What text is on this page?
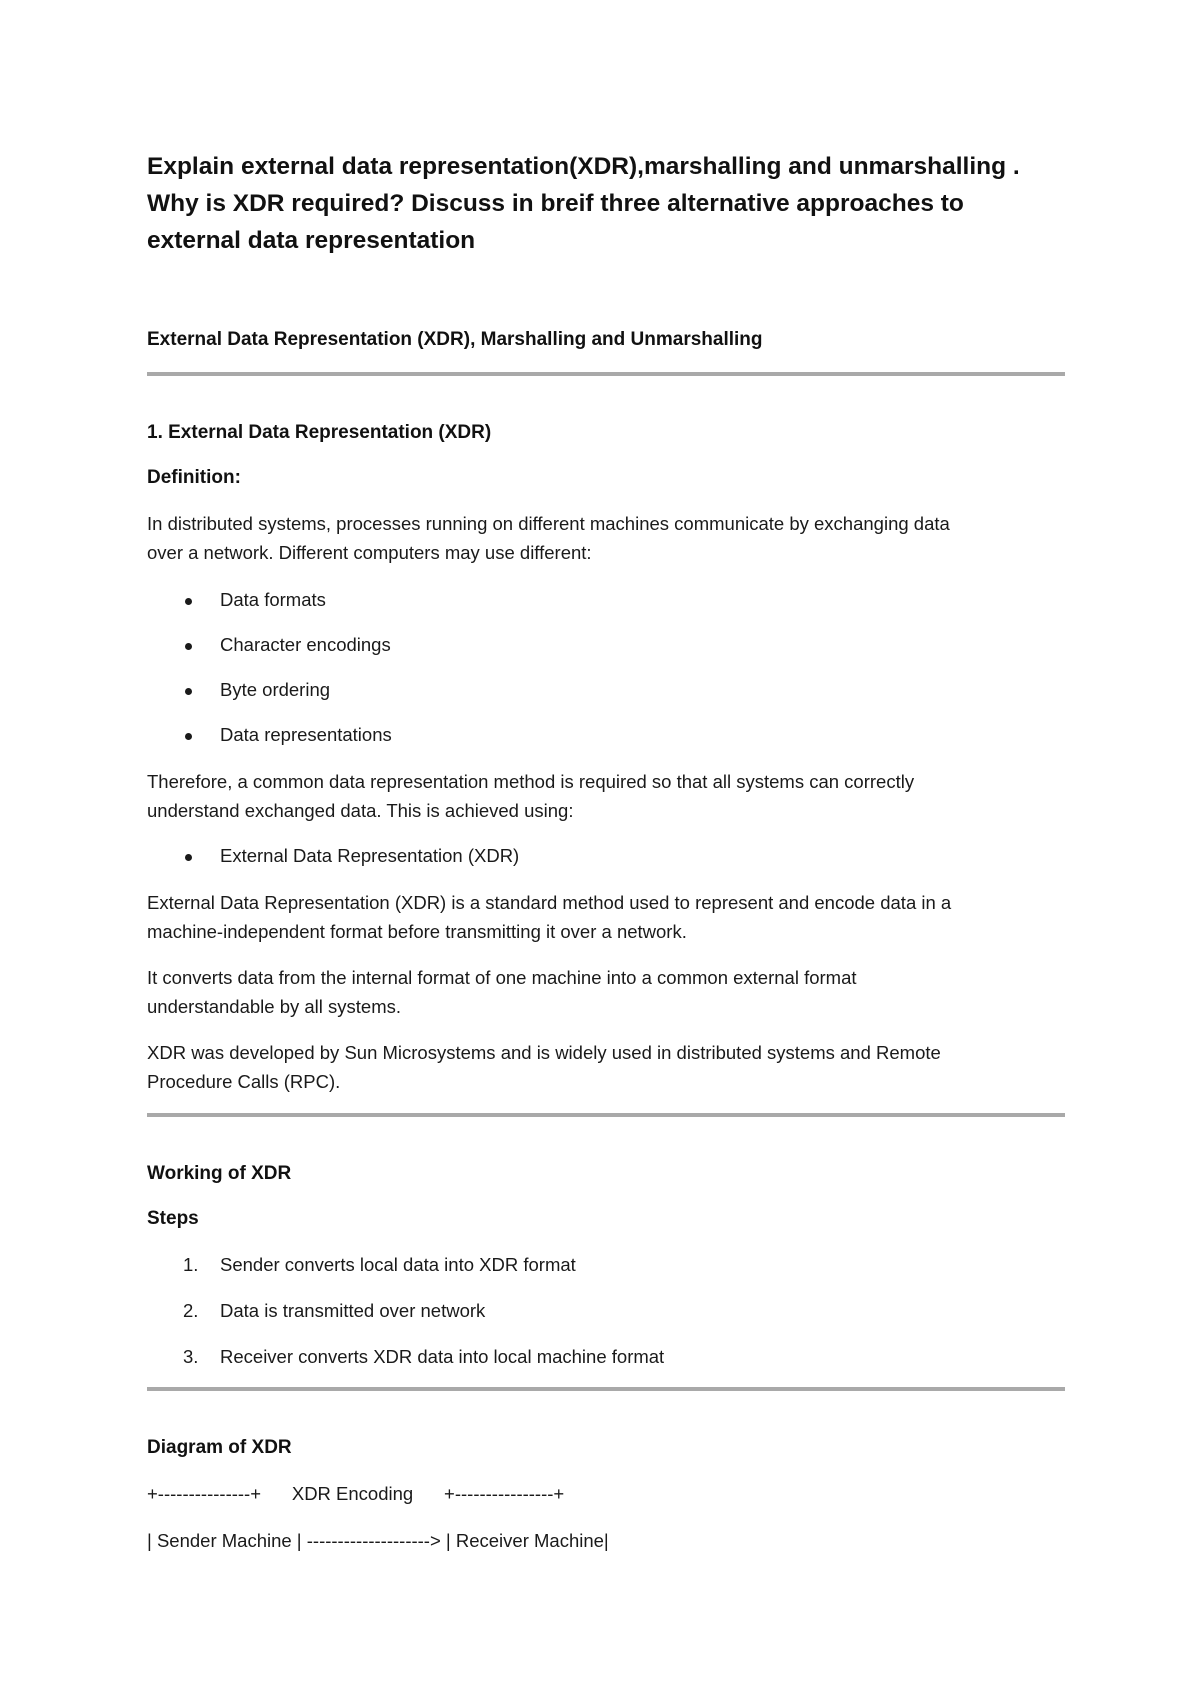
Explain external data representation(XDR),marshalling and unmarshalling .
Why is XDR required? Discuss in breif three alternative approaches to
external data representation
External Data Representation (XDR), Marshalling and Unmarshalling
1. External Data Representation (XDR)
Definition:
In distributed systems, processes running on different machines communicate by exchanging data
over a network. Different computers may use different:
Data formats
Character encodings
Byte ordering
Data representations
Therefore, a common data representation method is required so that all systems can correctly
understand exchanged data. This is achieved using:
External Data Representation (XDR)
External Data Representation (XDR) is a standard method used to represent and encode data in a
machine-independent format before transmitting it over a network.
It converts data from the internal format of one machine into a common external format
understandable by all systems.
XDR was developed by Sun Microsystems and is widely used in distributed systems and Remote
Procedure Calls (RPC).
Working of XDR
Steps
1. Sender converts local data into XDR format
2. Data is transmitted over network
3. Receiver converts XDR data into local machine format
Diagram of XDR
+---------------+      XDR Encoding      +----------------+
| Sender Machine | --------------------> | Receiver Machine|
